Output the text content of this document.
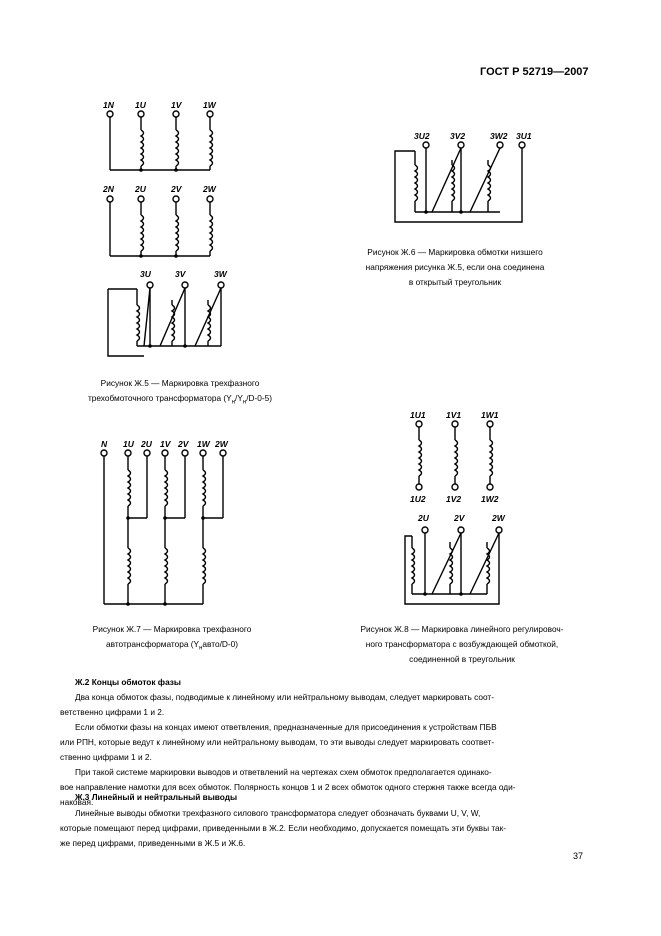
ГОСТ Р 52719—2007
1N 1U	1V	1W
2N 2U	2V	2W
3U	3V	3W
Рисунок Ж.5 — Маркировка трехфазного
трехобмоточного трансформатора $(Y_н/Y_н/D-0-5)$
3U2 3V2	3W2 3U1
Рисунок Ж.6 — Маркировка обмотки низшего
напряжения рисунка Ж.5, если она соединена
в открытый треугольник
N 1U 2U 1V 2V 1W 2W
Рисунок Ж.7 — Маркировка трехфазного
автотрансформатора $(Y_навто/D-0)$
1U1 1V1 1W1
1U2 1V2 1W2
2U	2V	2W
Рисунок Ж.8 — Маркировка линейного регулировоч-
ного трансформатора с возбуждающей обмоткой,
соединенной в треугольник
Ж.2 Концы обмоток фазы
Два конца обмоток фазы, подводимые к линейному или нейтральному выводам, следует маркировать соот-
ветственно цифрами 1 и 2.
Если обмотки фазы на концах имеют ответвления, предназначенные для присоединения к устройствам ПБВ
или РПН, которые ведут к линейному или нейтральному выводам, то эти выводы следует маркировать соответ-
ственно цифрами 1 и 2.
При такой системе маркировки выводов и ответвлений на чертежах схем обмоток предполагается одинако-
вое направление намотки для всех обмоток. Полярность концов 1 и 2 всех обмоток одного стержня также всегда оди-
наковая.
Ж.3 Линейный и нейтральный выводы
Линейные выводы обмотки трехфазного силового трансформатора следует обозначать буквами U, V, W,
которые помещают перед цифрами, приведенными в Ж.2. Если необходимо, допускается помещать эти буквы так-
же перед цифрами, приведенными в Ж.5 и Ж.6.
37
